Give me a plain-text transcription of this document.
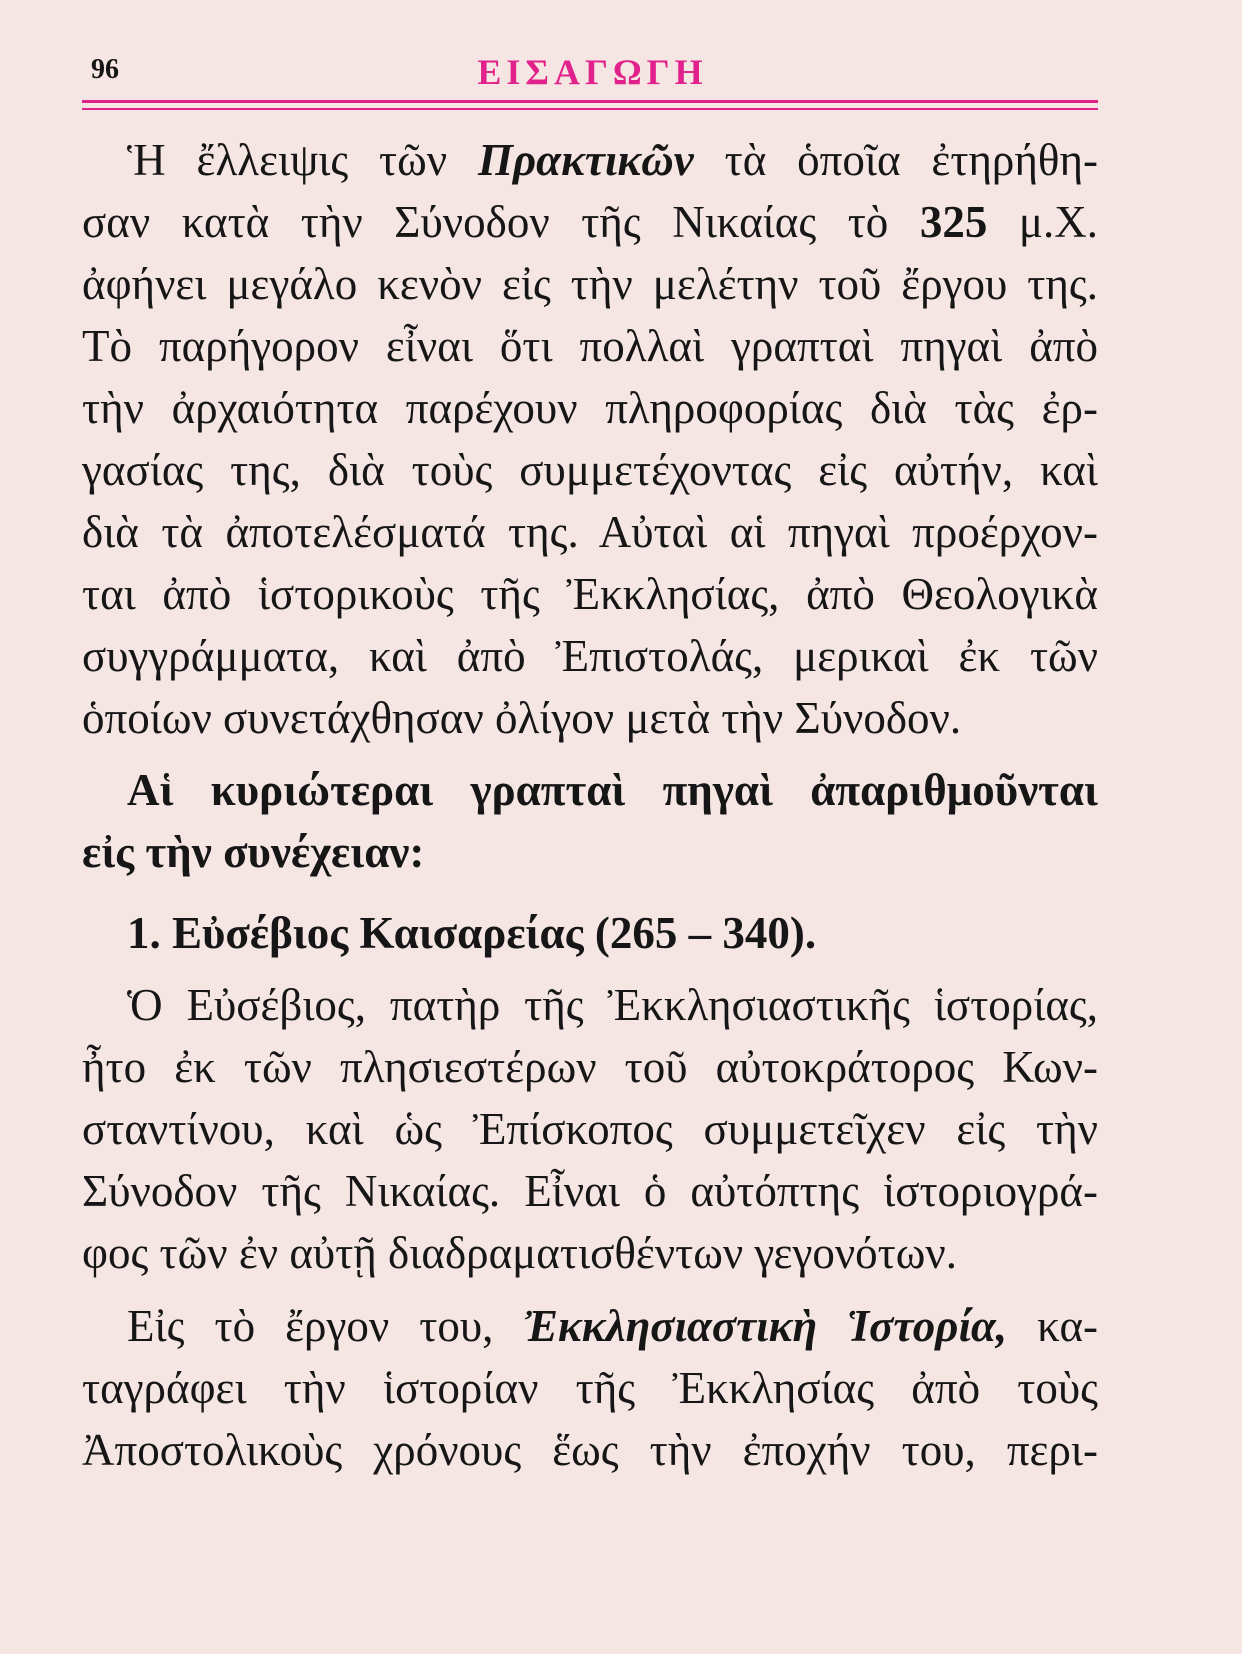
96	ΕΙΣΑΓΩΓΗ
Ἡ ἔλλειψις τῶν Πρακτικῶν τὰ ὁποῖα ἐτηρήθη-
σαν κατὰ τὴν Σύνοδον τῆς Νικαίας τὸ 325 μ.Χ.
ἀφήνει μεγάλο κενὸν εἰς τὴν μελέτην τοῦ ἔργου της.
Τὸ παρήγορον εἶναι ὅτι πολλαὶ γραπταὶ πηγαὶ ἀπὸ
τὴν ἀρχαιότητα παρέχουν πληροφορίας διὰ τὰς ἐρ-
γασίας της, διὰ τοὺς συμμετέχοντας εἰς αὐτήν, καὶ
διὰ τὰ ἀποτελέσματά της. Αὐταὶ αἱ πηγαὶ προέρχον-
ται ἀπὸ ἱστορικοὺς τῆς Ἐκκλησίας, ἀπὸ Θεολογικὰ
συγγράμματα, καὶ ἀπὸ Ἐπιστολάς, μερικαὶ ἐκ τῶν
ὁποίων συνετάχθησαν ὀλίγον μετὰ τὴν Σύνοδον.
Αἱ κυριώτεραι γραπταὶ πηγαὶ ἀπαριθμοῦνται
εἰς τὴν συνέχειαν:
1. Εὐσέβιος Καισαρείας (265 – 340).
Ὁ Εὐσέβιος, πατὴρ τῆς Ἐκκλησιαστικῆς ἱστορίας,
ἦτο ἐκ τῶν πλησιεστέρων τοῦ αὐτοκράτορος Κων-
σταντίνου, καὶ ὡς Ἐπίσκοπος συμμετεῖχεν εἰς τὴν
Σύνοδον τῆς Νικαίας. Εἶναι ὁ αὐτόπτης ἱστοριογρά-
φος τῶν ἐν αὐτῇ διαδραματισθέντων γεγονότων.
Εἰς τὸ ἔργον του, Ἐκκλησιαστικὴ Ἱστορία, κα-
ταγράφει τὴν ἱστορίαν τῆς Ἐκκλησίας ἀπὸ τοὺς
Ἀποστολικοὺς χρόνους ἕως τὴν ἐποχήν του, περι-
